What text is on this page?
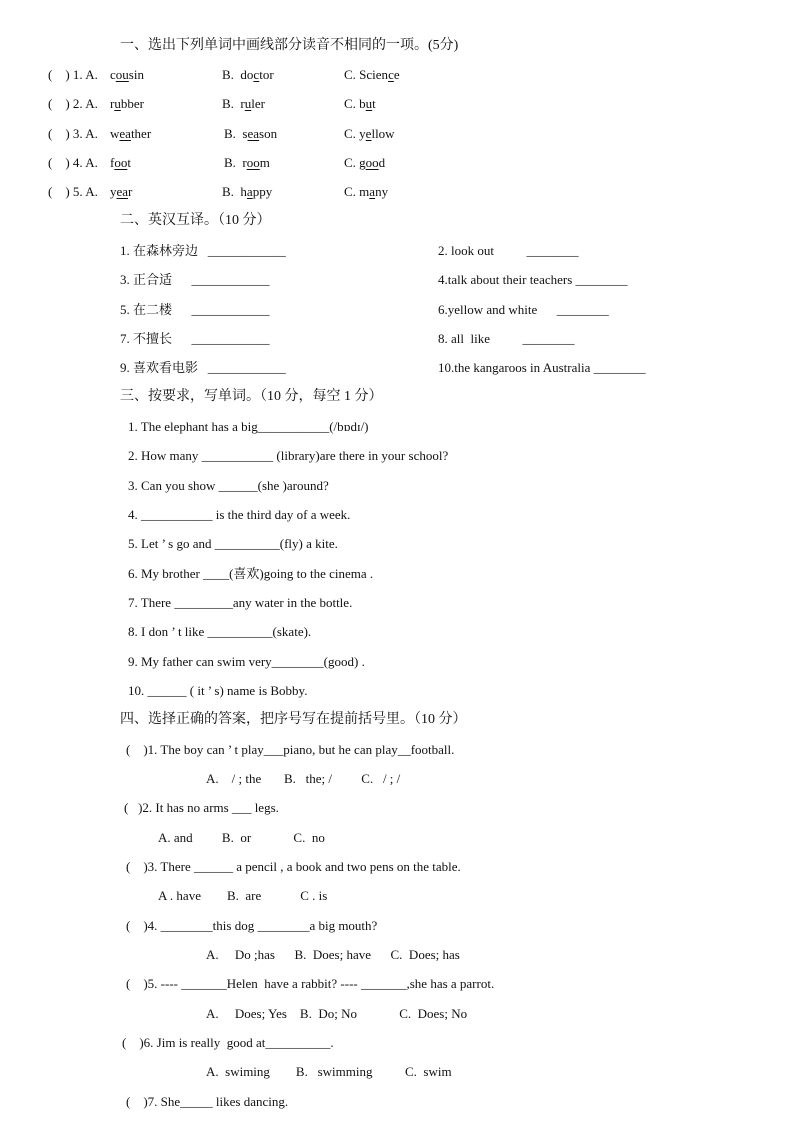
一、选出下列单词中画线部分读音不相同的一项。(5分)
(    ) 1. A. cousin	B.  doctor	C. Science
(    ) 2. A. rubber	B.  ruler	C. but
(    ) 3. A. weather	B.  season	C. yellow
(    ) 4. A. foot	B.  room	C. good
(    ) 5. A. year	B.  happy	C. many
二、英汉互译。（10 分）
1. 在森林旁边   ____________	2. look out          ________
3. 正合适      ____________	4.talk about their teachers ________
5. 在二楼      ____________	6.yellow and white      ________
7. 不擅长      ____________	8. all  like          ________
9. 喜欢看电影   ____________	10.the kangaroos in Australia ________
三、按要求，写单词。（10 分，每空 1 分）
1. The elephant has a big___________(/bɒdɪ/)
2. How many ___________ (library)are there in your school?
3. Can you show ______(she )around?
4. ___________ is the third day of a week.
5. Let ’ s go and __________(fly) a kite.
6. My brother ____(喜欢)going to the cinema .
7. There _________any water in the bottle.
8. I don ’ t like __________(skate).
9. My father can swim very________(good) .
10. ______ ( it ’ s) name is Bobby.
四、选择正确的答案，把序号写在提前括号里。（10 分）
(    )1. The boy can ’ t play___piano, but he can play__football.
A.    / ; the       B.   the; /         C.   / ; /
(   )2. It has no arms ___ legs.
A. and         B.  or             C.  no
(    )3. There ______ a pencil , a book and two pens on the table.
A . have        B.  are            C . is
(    )4. ________this dog ________a big mouth?
A.     Do ;has      B.  Does; have      C.  Does; has
(    )5. ---- _______Helen  have a rabbit? ---- _______,she has a parrot.
A.     Does; Yes    B.  Do; No             C.  Does; No
(    )6. Jim is really  good at__________.
A.  swiming        B.   swimming          C.  swim
(    )7. She_____ likes dancing.
